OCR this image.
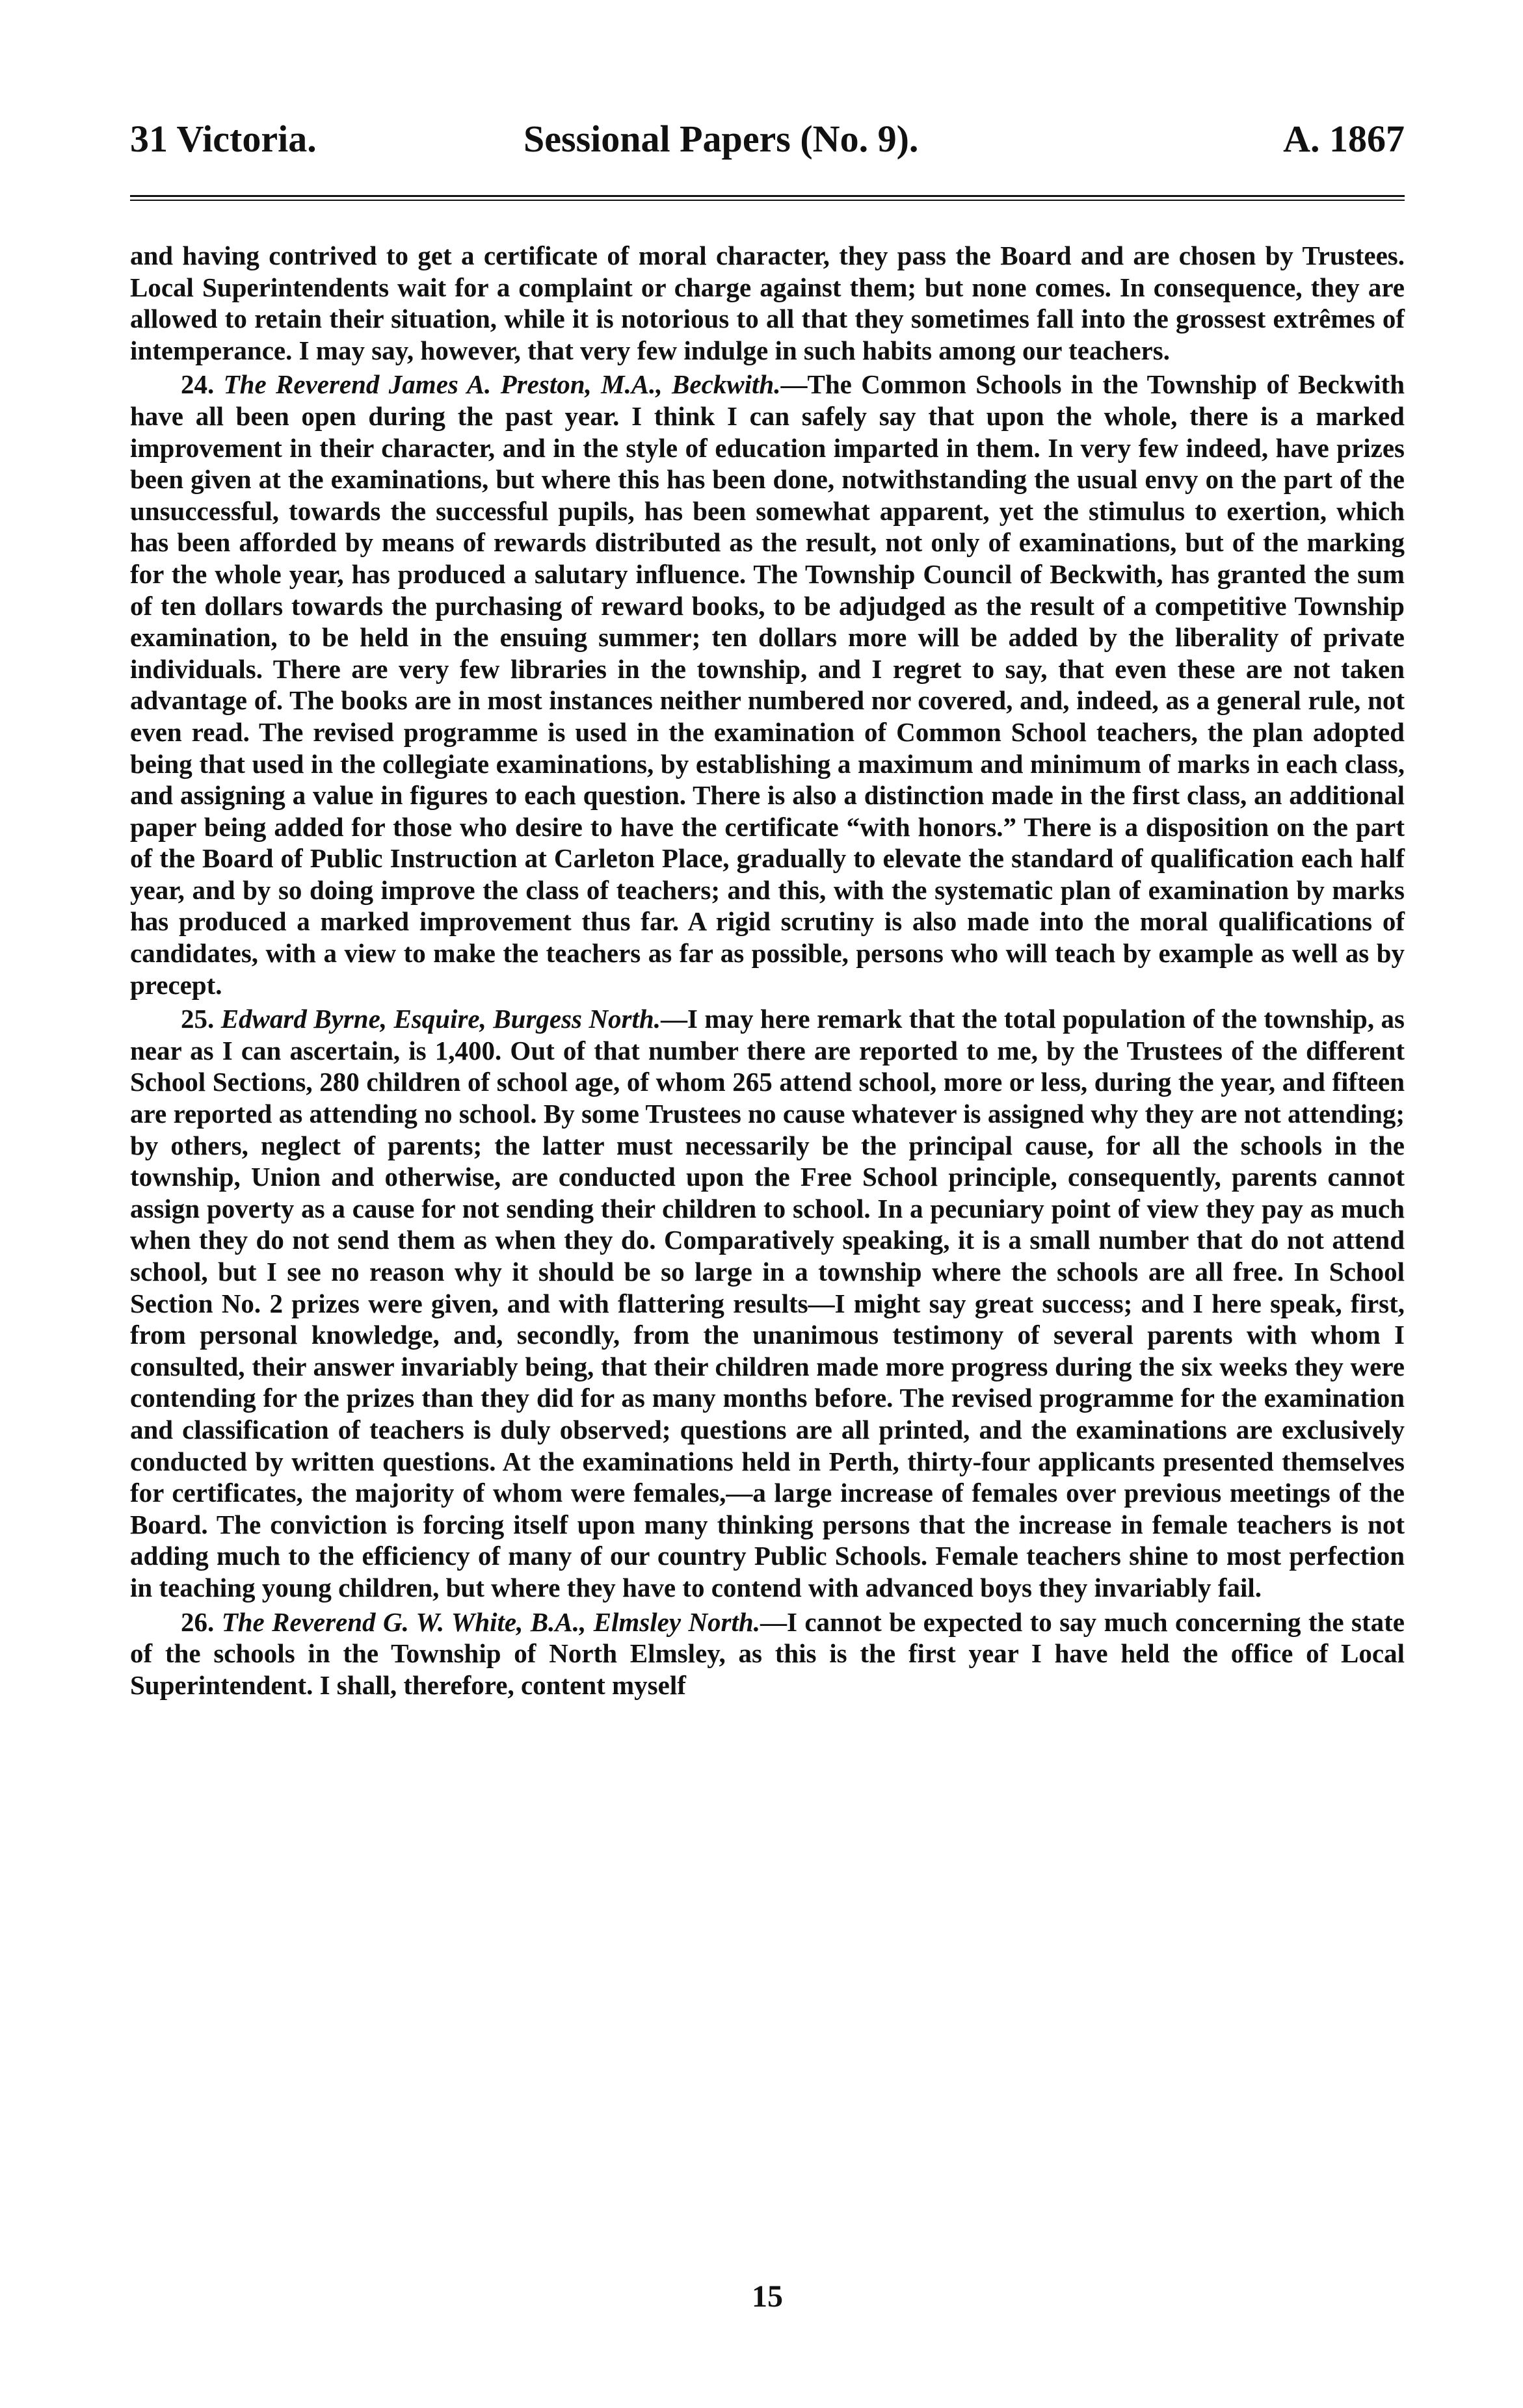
31 Victoria.	Sessional Papers (No. 9).	A. 1867

and having contrived to get a certificate of moral character, they pass the Board and are chosen by Trustees. Local Superintendents wait for a complaint or charge against them; but none comes. In consequence, they are allowed to retain their situation, while it is notorious to all that they sometimes fall into the grossest extrêmes of intemperance. I may say, however, that very few indulge in such habits among our teachers.

24. The Reverend James A. Preston, M.A., Beckwith.—The Common Schools in the Township of Beckwith have all been open during the past year. I think I can safely say that upon the whole, there is a marked improvement in their character, and in the style of education imparted in them. In very few indeed, have prizes been given at the examinations, but where this has been done, notwithstanding the usual envy on the part of the unsuccessful, towards the successful pupils, has been somewhat apparent, yet the stimulus to exertion, which has been afforded by means of rewards distributed as the result, not only of examinations, but of the marking for the whole year, has produced a salutary influence. The Township Council of Beckwith, has granted the sum of ten dollars towards the purchasing of reward books, to be adjudged as the result of a competitive Township examination, to be held in the ensuing summer; ten dollars more will be added by the liberality of private individuals. There are very few libraries in the township, and I regret to say, that even these are not taken advantage of. The books are in most instances neither numbered nor covered, and, indeed, as a general rule, not even read. The revised programme is used in the examination of Common School teachers, the plan adopted being that used in the collegiate examinations, by establishing a maximum and minimum of marks in each class, and assigning a value in figures to each question. There is also a distinction made in the first class, an additional paper being added for those who desire to have the certificate “with honors.” There is a disposition on the part of the Board of Public Instruction at Carleton Place, gradually to elevate the standard of qualification each half year, and by so doing improve the class of teachers; and this, with the systematic plan of examination by marks has produced a marked improvement thus far. A rigid scrutiny is also made into the moral qualifications of candidates, with a view to make the teachers as far as possible, persons who will teach by example as well as by precept.

25. Edward Byrne, Esquire, Burgess North.—I may here remark that the total population of the township, as near as I can ascertain, is 1,400. Out of that number there are reported to me, by the Trustees of the different School Sections, 280 children of school age, of whom 265 attend school, more or less, during the year, and fifteen are reported as attending no school. By some Trustees no cause whatever is assigned why they are not attending; by others, neglect of parents; the latter must necessarily be the principal cause, for all the schools in the township, Union and otherwise, are conducted upon the Free School principle, consequently, parents cannot assign poverty as a cause for not sending their children to school. In a pecuniary point of view they pay as much when they do not send them as when they do. Comparatively speaking, it is a small number that do not attend school, but I see no reason why it should be so large in a township where the schools are all free. In School Section No. 2 prizes were given, and with flattering results—I might say great success; and I here speak, first, from personal knowledge, and, secondly, from the unanimous testimony of several parents with whom I consulted, their answer invariably being, that their children made more progress during the six weeks they were contending for the prizes than they did for as many months before. The revised programme for the examination and classification of teachers is duly observed; questions are all printed, and the examinations are exclusively conducted by written questions. At the examinations held in Perth, thirty-four applicants presented themselves for certificates, the majority of whom were females,—a large increase of females over previous meetings of the Board. The conviction is forcing itself upon many thinking persons that the increase in female teachers is not adding much to the efficiency of many of our country Public Schools. Female teachers shine to most perfection in teaching young children, but where they have to contend with advanced boys they invariably fail.

26. The Reverend G. W. White, B.A., Elmsley North.—I cannot be expected to say much concerning the state of the schools in the Township of North Elmsley, as this is the first year I have held the office of Local Superintendent. I shall, therefore, content myself

15
